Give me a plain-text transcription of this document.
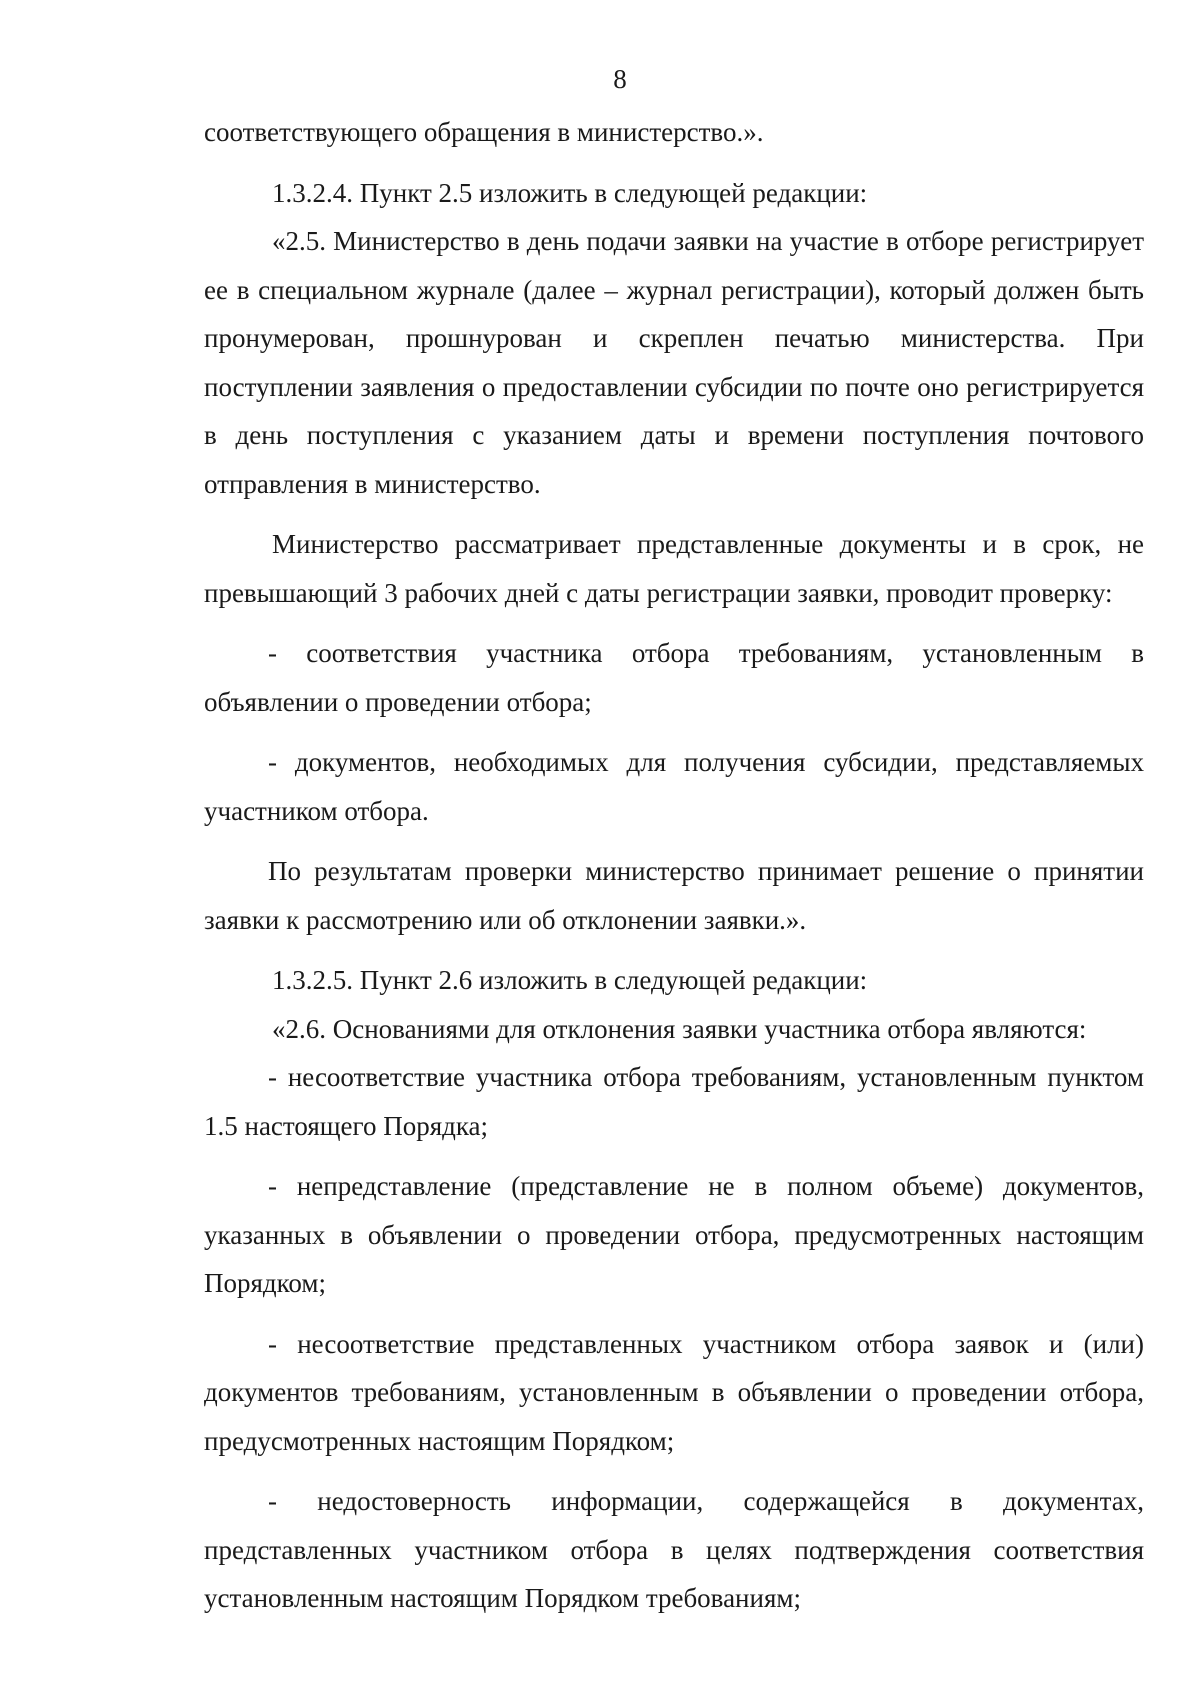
8

соответствующего обращения в министерство.».

1.3.2.4. Пункт 2.5 изложить в следующей редакции:

«2.5. Министерство в день подачи заявки на участие в отборе регистрирует ее в специальном журнале (далее – журнал регистрации), который должен быть пронумерован, прошнурован и скреплен печатью министерства. При поступлении заявления о предоставлении субсидии по почте оно регистрируется в день поступления с указанием даты и времени поступления почтового отправления в министерство.

Министерство рассматривает представленные документы и в срок, не превышающий 3 рабочих дней с даты регистрации заявки, проводит проверку:

- соответствия участника отбора требованиям, установленным в объявлении о проведении отбора;

- документов, необходимых для получения субсидии, представляемых участником отбора.

По результатам проверки министерство принимает решение о принятии заявки к рассмотрению или об отклонении заявки.».

1.3.2.5. Пункт 2.6 изложить в следующей редакции:

«2.6. Основаниями для отклонения заявки участника отбора являются:

- несоответствие участника отбора требованиям, установленным пунктом 1.5 настоящего Порядка;

- непредставление (представление не в полном объеме) документов, указанных в объявлении о проведении отбора, предусмотренных настоящим Порядком;

- несоответствие представленных участником отбора заявок и (или) документов требованиям, установленным в объявлении о проведении отбора, предусмотренных настоящим Порядком;

- недостоверность информации, содержащейся в документах, представленных участником отбора в целях подтверждения соответствия установленным настоящим Порядком требованиям;
